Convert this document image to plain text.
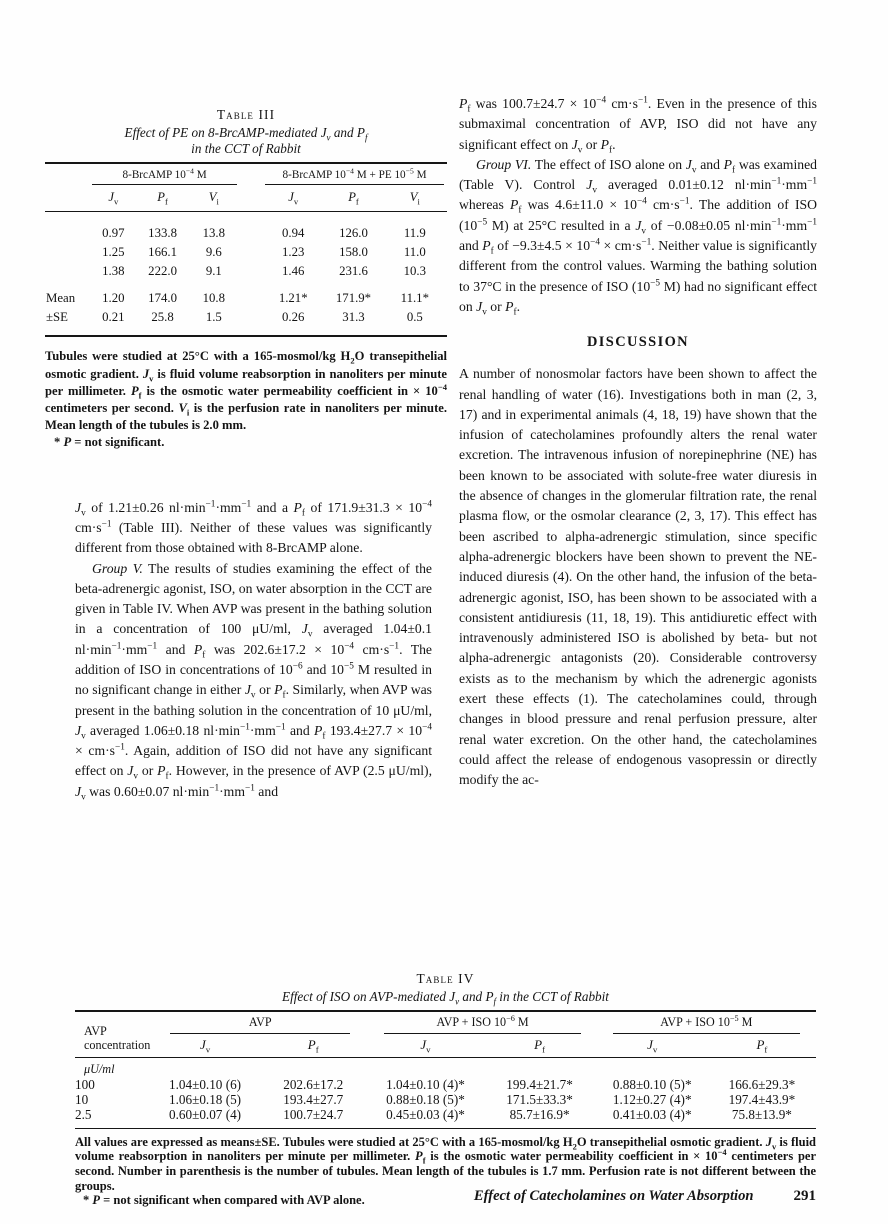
Table III
Effect of PE on 8-BrcAMP-mediated $J_v$ and $P_f$
in the CCT of Rabbit

	8-BrcAMP $10^{-4}$ M				8-BrcAMP $10^{-4}$ M + PE $10^{-5}$ M		

	$J_v$	$P_f$	$V_i$		$J_v$	$P_f$	$V_i$
	0.97	133.8	13.8		0.94	126.0	11.9
	1.25	166.1	9.6		1.23	158.0	11.0
	1.38	222.0	9.1		1.46	231.6	10.3
Mean	1.20	174.0	10.8		1.21*	171.9*	11.1*
±SE	0.21	25.8	1.5		0.26	31.3	0.5
Tubules were studied at 25°C with a 165-mosmol/kg $H_2O$ transepithelial osmotic gradient. $J_v$ is fluid volume reabsorption in nanoliters per minute per millimeter. $P_f$ is the osmotic water permeability coefficient in × $10^{-4}$ centimeters per second. $V_i$ is the perfusion rate in nanoliters per minute. Mean length of the tubules is 2.0 mm.
* P = not significant.

$J_v$ of 1.21±0.26 $nl\cdot\min^{-1}\cdot mm^{-1}$ and a $P_f$ of $171.9\pm 31.3 \times 10^{-4}$ $cm\cdot s^{-1}$ (Table III). Neither of these values was significantly different from those obtained with 8-BrcAMP alone.

Group V. The results of studies examining the effect of the beta-adrenergic agonist, ISO, on water absorption in the CCT are given in Table IV. When AVP was present in the bathing solution in a concentration of 100 μU/ml, $J_v$ averaged 1.04±0.1 $nl\cdot\min^{-1}\cdot mm^{-1}$ and $P_f$ was $202.6\pm 17.2 \times 10^{-4}$ $cm\cdot s^{-1}$. The addition of ISO in concentrations of $10^{-6}$ and $10^{-5}$ M resulted in no significant change in either $J_v$ or $P_f$. Similarly, when AVP was present in the bathing solution in the concentration of 10 μU/ml, $J_v$ averaged 1.06±0.18 $nl\cdot\min^{-1}\cdot mm^{-1}$ and $P_f$ $193.4\pm 27.7 \times 10^{-4} \times cm\cdot s^{-1}$. Again, addition of ISO did not have any significant effect on $J_v$ or $P_f$. However, in the presence of AVP (2.5 μU/ml), $J_v$ was 0.60±0.07 $nl\cdot\min^{-1}\cdot mm^{-1}$ and

$P_f$ was $100.7\pm 24.7 \times 10^{-4}$ $cm\cdot s^{-1}$. Even in the presence of this submaximal concentration of AVP, ISO did not have any significant effect on $J_v$ or $P_f$.

Group VI. The effect of ISO alone on $J_v$ and $P_f$ was examined (Table V). Control $J_v$ averaged 0.01±0.12 $nl\cdot\min^{-1}\cdot mm^{-1}$ whereas $P_f$ was $4.6\pm 11.0 \times 10^{-4}$ $cm\cdot s^{-1}$. The addition of ISO ($10^{-5}$ M) at 25°C resulted in a $J_v$ of −0.08±0.05 $nl\cdot\min^{-1}\cdot mm^{-1}$ and $P_f$ of $-9.3\pm 4.5 \times 10^{-4} \times cm\cdot s^{-1}$. Neither value is significantly different from the control values. Warming the bathing solution to 37°C in the presence of ISO ($10^{-5}$ M) had no significant effect on $J_v$ or $P_f$.

DISCUSSION

A number of nonosmolar factors have been shown to affect the renal handling of water (16). Investigations both in man (2, 3, 17) and in experimental animals (4, 18, 19) have shown that the infusion of catecholamines profoundly alters the renal water excretion. The intravenous infusion of norepinephrine (NE) has been known to be associated with solute-free water diuresis in the absence of changes in the glomerular filtration rate, the renal plasma flow, or the osmolar clearance (2, 3, 17). This effect has been ascribed to alpha-adrenergic stimulation, since specific alpha-adrenergic blockers have been shown to prevent the NE-induced diuresis (4). On the other hand, the infusion of the beta-adrenergic agonist, ISO, has been shown to be associated with a consistent antidiuresis (11, 18, 19). This antidiuretic effect with intravenously administered ISO is abolished by beta- but not alpha-adrenergic antagonists (20). Considerable controversy exists as to the mechanism by which the adrenergic agonists exert these effects (1). The catecholamines could, through changes in blood pressure and renal perfusion pressure, alter renal water excretion. On the other hand, the catecholamines could affect the release of endogenous vasopressin or directly modify the ac-

Table IV
Effect of ISO on AVP-mediated $J_v$ and $P_f$ in the CCT of Rabbit
AVP
concentration	AVP		AVP + ISO $10^{-6}$ M		AVP + ISO $10^{-5}$ M	

	$J_v$	$P_f$	$J_v$	$P_f$	$J_v$	$P_f$
μU/ml						
100	1.04±0.10 (6)	202.6±17.2	1.04±0.10 (4)*	199.4±21.7*	0.88±0.10 (5)*	166.6±29.3*
10	1.06±0.18 (5)	193.4±27.7	0.88±0.18 (5)*	171.5±33.3*	1.12±0.27 (4)*	197.4±43.9*
2.5	0.60±0.07 (4)	100.7±24.7	0.45±0.03 (4)*	85.7±16.9*	0.41±0.03 (4)*	75.8±13.9*
All values are expressed as means±SE. Tubules were studied at 25°C with a 165-mosmol/kg $H_2O$ transepithelial osmotic gradient. $J_v$ is fluid volume reabsorption in nanoliters per minute per millimeter. $P_f$ is the osmotic water permeability coefficient in × $10^{-4}$ centimeters per second. Number in parenthesis is the number of tubules. Mean length of the tubules is 1.7 mm. Perfusion rate is not different between the groups.
* P = not significant when compared with AVP alone.	Effect of Catecholamines on Water Absorption	291
